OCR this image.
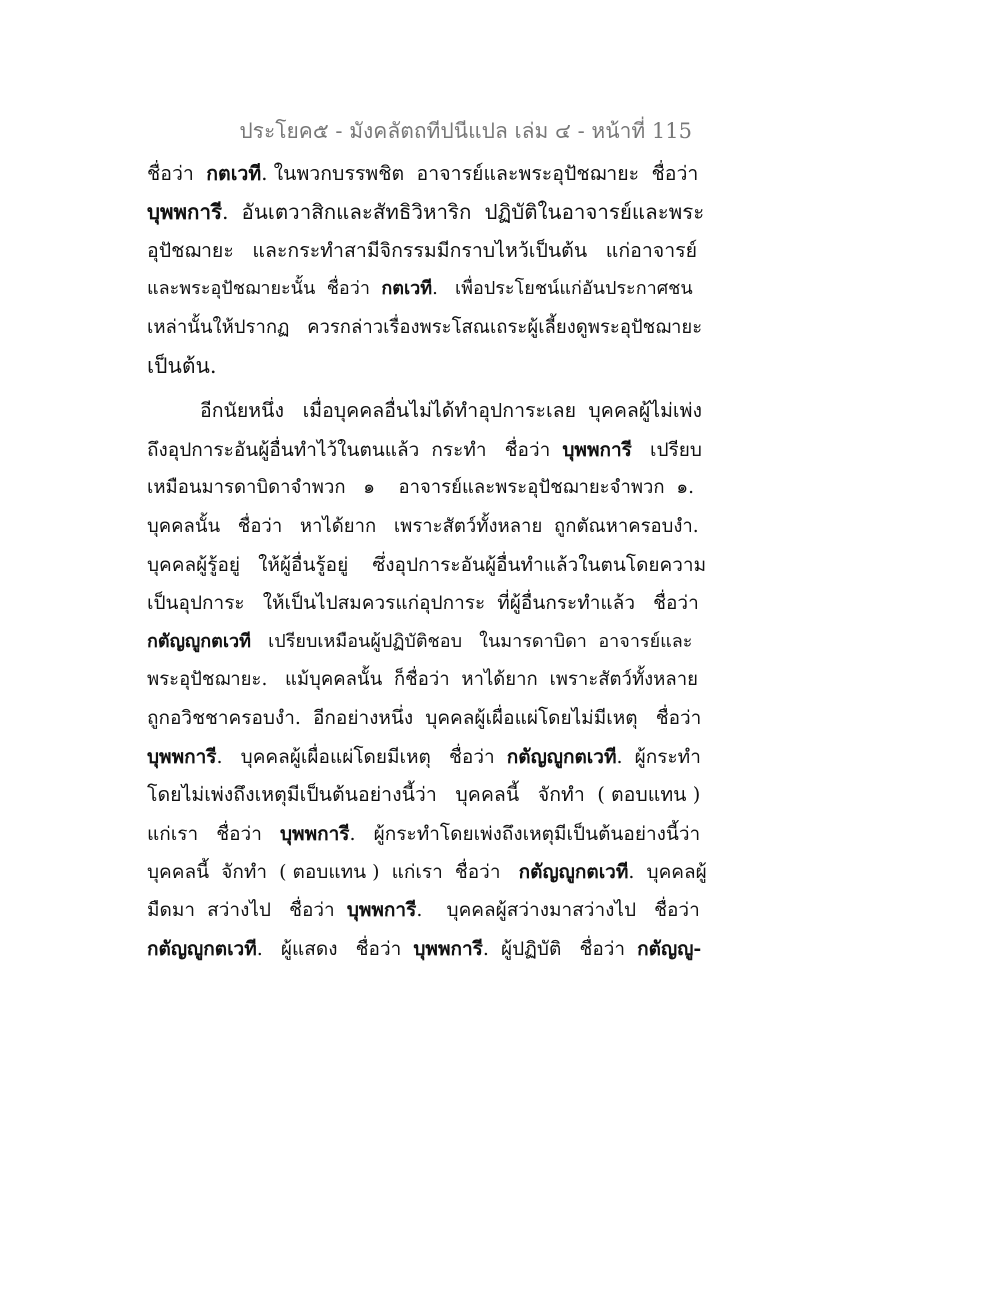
ประโยค๕ - มังคลัตถทีปนีแปล เล่ม ๔ - หน้าที่ 115
ชื่อว่า  กตเวที. ในพวกบรรพชิต  อาจารย์และพระอุปัชฌายะ  ชื่อว่า
บุพพการี.  อันเตวาสิกและสัทธิวิหาริก  ปฏิบัติในอาจารย์และพระ
อุปัชฌายะ   และกระทำสามีจิกรรมมีกราบไหว้เป็นต้น   แก่อาจารย์
และพระอุปัชฌายะนั้น  ชื่อว่า  กตเวที.   เพื่อประโยชน์แก่อันประกาศชน
เหล่านั้นให้ปรากฏ   ควรกล่าวเรื่องพระโสณเถระผู้เลี้ยงดูพระอุปัชฌายะ
เป็นต้น.
อีกนัยหนึ่ง   เมื่อบุคคลอื่นไม่ได้ทำอุปการะเลย  บุคคลผู้ไม่เพ่ง
ถึงอุปการะอันผู้อื่นทำไว้ในตนแล้ว  กระทำ   ชื่อว่า  บุพพการี   เปรียบ
เหมือนมารดาบิดาจำพวก   ๑    อาจารย์และพระอุปัชฌายะจำพวก  ๑.
บุคคลนั้น   ชื่อว่า   หาได้ยาก   เพราะสัตว์ทั้งหลาย  ถูกตัณหาครอบงำ.
บุคคลผู้รู้อยู่   ให้ผู้อื่นรู้อยู่    ซึ่งอุปการะอันผู้อื่นทำแล้วในตนโดยความ
เป็นอุปการะ   ให้เป็นไปสมควรแก่อุปการะ  ที่ผู้อื่นกระทำแล้ว   ชื่อว่า
กตัญญูกตเวที   เปรียบเหมือนผู้ปฏิบัติชอบ   ในมารดาบิดา  อาจารย์และ
พระอุปัชฌายะ.   แม้บุคคลนั้น  ก็ชื่อว่า  หาได้ยาก  เพราะสัตว์ทั้งหลาย
ถูกอวิชชาครอบงำ.  อีกอย่างหนึ่ง  บุคคลผู้เผื่อแผ่โดยไม่มีเหตุ   ชื่อว่า
บุพพการี.   บุคคลผู้เผื่อแผ่โดยมีเหตุ   ชื่อว่า  กตัญญูกตเวที.  ผู้กระทำ
โดยไม่เพ่งถึงเหตุมีเป็นต้นอย่างนี้ว่า   บุคคลนี้   จักทำ  ( ตอบแทน )
แก่เรา   ชื่อว่า   บุพพการี.   ผู้กระทำโดยเพ่งถึงเหตุมีเป็นต้นอย่างนี้ว่า
บุคคลนี้  จักทำ  ( ตอบแทน )  แก่เรา  ชื่อว่า   กตัญญูกตเวที.  บุคคลผู้
มืดมา  สว่างไป   ชื่อว่า  บุพพการี.    บุคคลผู้สว่างมาสว่างไป   ชื่อว่า
กตัญญูกตเวที.   ผู้แสดง   ชื่อว่า  บุพพการี.  ผู้ปฏิบัติ   ชื่อว่า  กตัญญู-
